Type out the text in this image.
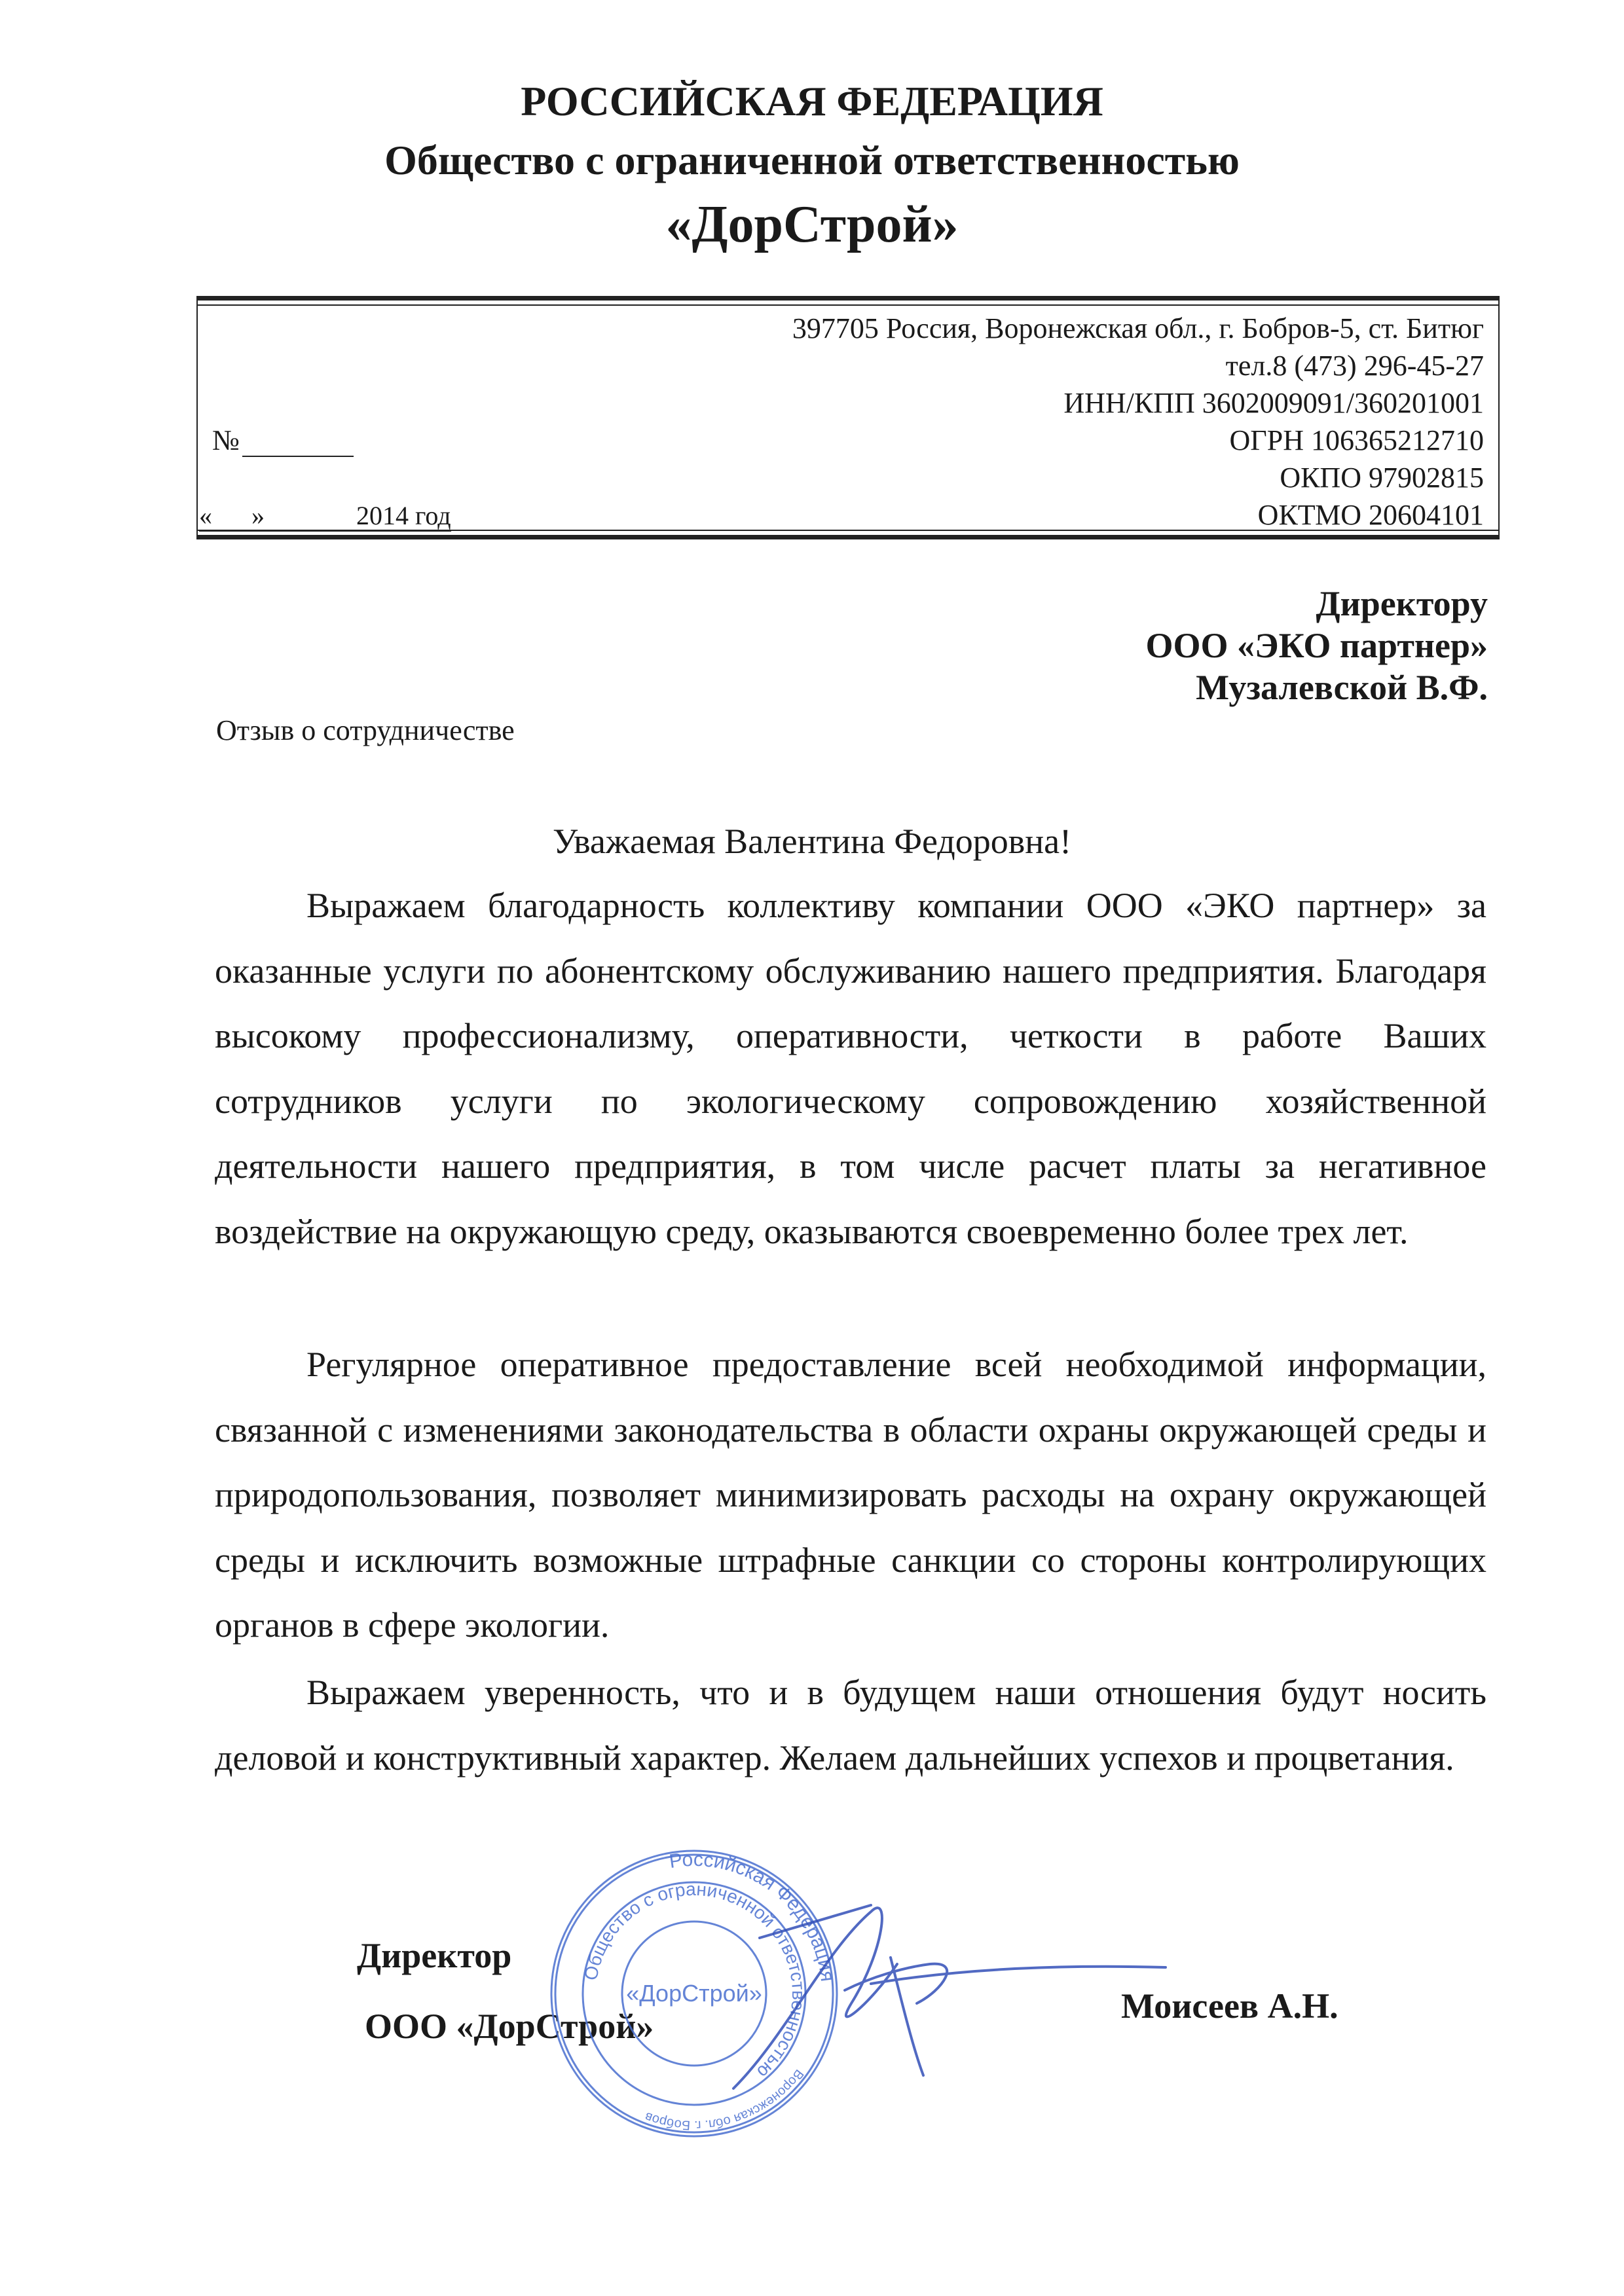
РОССИЙСКАЯ ФЕДЕРАЦИЯ
Общество с ограниченной ответственностью
«ДорСтрой»
397705 Россия, Воронежская обл., г. Бобров-5, ст. Битюг
тел.8 (473) 296-45-27
ИНН/КПП 3602009091/360201001
ОГРН 106365212710
ОКПО 97902815
ОКТМО 20604101
№
« »	2014 год
Директору
ООО «ЭКО партнер»
Музалевской В.Ф.
Отзыв о сотрудничестве
Уважаемая Валентина Федоровна!
Выражаем благодарность коллективу компании ООО «ЭКО партнер» за оказанные услуги по абонентскому обслуживанию нашего предприятия. Благодаря высокому профессионализму, оперативности, четкости в работе Ваших сотрудников услуги по экологическому сопровождению хозяйственной деятельности нашего предприятия, в том числе расчет платы за негативное воздействие на окружающую среду, оказываются своевременно более трех лет.
Регулярное оперативное предоставление всей необходимой информации, связанной с изменениями законодательства в области охраны окружающей среды и природопользования, позволяет минимизировать расходы на охрану окружающей среды и исключить возможные штрафные санкции со стороны контролирующих органов в сфере экологии.
Выражаем уверенность, что и в будущем наши отношения будут носить деловой и конструктивный характер. Желаем дальнейших успехов и процветания.
Директор
ООО «ДорСтрой»
Моисеев А.Н.
Российская Федерация
Общество с ограниченной ответственностью Воронежская обл. г. Бобров
«ДорСтрой»
